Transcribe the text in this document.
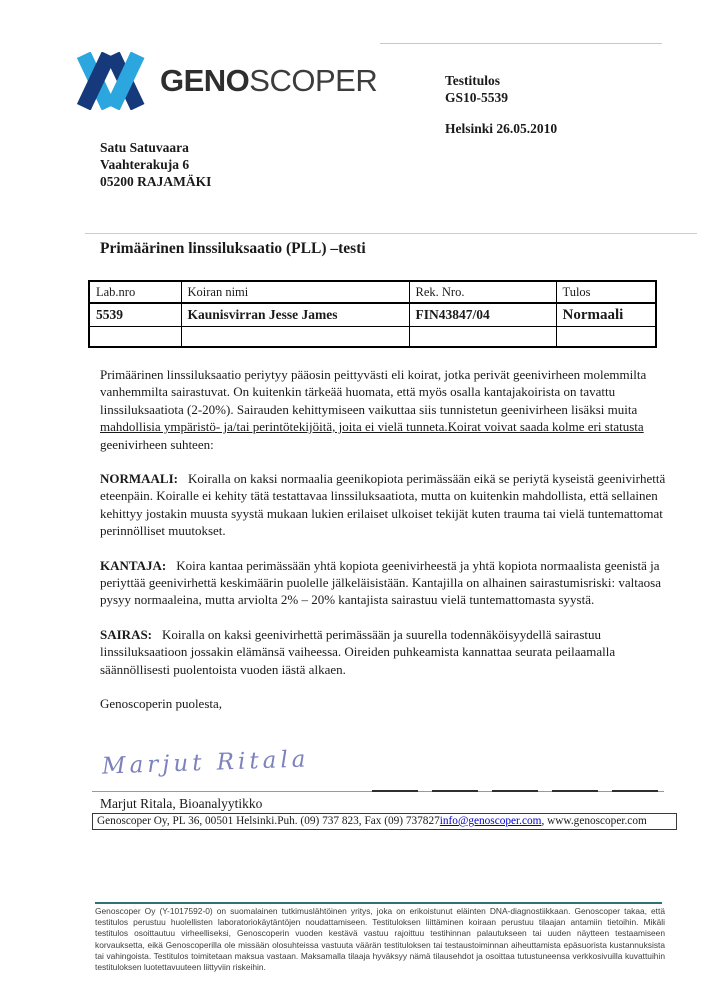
GENOSCOPER	Testitulos
GS10-5539
Helsinki 26.05.2010
Satu Satuvaara
Vaahterakuja 6
05200 RAJAMÄKI
Primäärinen linssiluksaatio (PLL) –testi
Lab.nro	Koiran nimi	Rek. Nro.	Tulos
5539	Kaunisvirran Jesse James	FIN43847/04	Normaali

Primäärinen linssiluksaatio periytyy pääosin peittyvästi eli koirat, jotka perivät geenivirheen molemmilta vanhemmilta sairastuvat. On kuitenkin tärkeää huomata, että myös osalla kantajakoirista on tavattu linssiluksaatiota (2-20%). Sairauden kehittymiseen vaikuttaa siis tunnistetun geenivirheen lisäksi muita mahdollisia ympäristö- ja/tai perintötekijöitä, joita ei vielä tunneta.Koirat voivat saada kolme eri statusta geenivirheen suhteen:

NORMAALI: Koiralla on kaksi normaalia geenikopiota perimässään eikä se periytä kyseistä geenivirhettä eteenpäin. Koiralle ei kehity tätä testattavaa linssiluksaatiota, mutta on kuitenkin mahdollista, että sellainen kehittyy jostakin muusta syystä mukaan lukien erilaiset ulkoiset tekijät kuten trauma tai vielä tuntemattomat perinnölliset muutokset.

KANTAJA: Koira kantaa perimässään yhtä kopiota geenivirheestä ja yhtä kopiota normaalista geenistä ja periyttää geenivirhettä keskimäärin puolelle jälkeläisistään. Kantajilla on alhainen sairastumisriski: valtaosa pysyy normaaleina, mutta arviolta 2% – 20% kantajista sairastuu vielä tuntemattomasta syystä.

SAIRAS: Koiralla on kaksi geenivirhettä perimässään ja suurella todennäköisyydellä sairastuu linssiluksaatioon jossakin elämänsä vaiheessa. Oireiden puhkeamista kannattaa seurata peilaamalla säännöllisesti puolentoista vuoden iästä alkaen.

Genoscoperin puolesta,

Marjut Ritala
Marjut Ritala, Bioanalyytikko
Genoscoper Oy, PL 36, 00501 Helsinki.Puh. (09) 737 823, Fax (09) 737827info@genoscoper.com, www.genoscoper.com
Genoscoper Oy (Y-1017592-0) on suomalainen tutkimuslähtöinen yritys, joka on erikoistunut eläinten DNA-diagnostiikkaan. Genoscoper takaa, että testitulos perustuu huolellisten laboratoriokäytäntöjen noudattamiseen. Testituloksen liittäminen koiraan perustuu tilaajan antamiin tietoihin. Mikäli testitulos osoittautuu virheelliseksi, Genoscoperin vuoden kestävä vastuu rajoittuu testihinnan palautukseen tai uuden näytteen testaamiseen korvauksetta, eikä Genoscoperilla ole missään olosuhteissa vastuuta väärän testituloksen tai testaustoiminnan aiheuttamista epäsuorista kustannuksista tai vahingoista. Testitulos toimitetaan maksua vastaan. Maksamalla tilaaja hyväksyy nämä tilausehdot ja osoittaa tutustuneensa verkkosivuilla kuvattuihin testituloksen luotettavuuteen liittyviin riskeihin.
